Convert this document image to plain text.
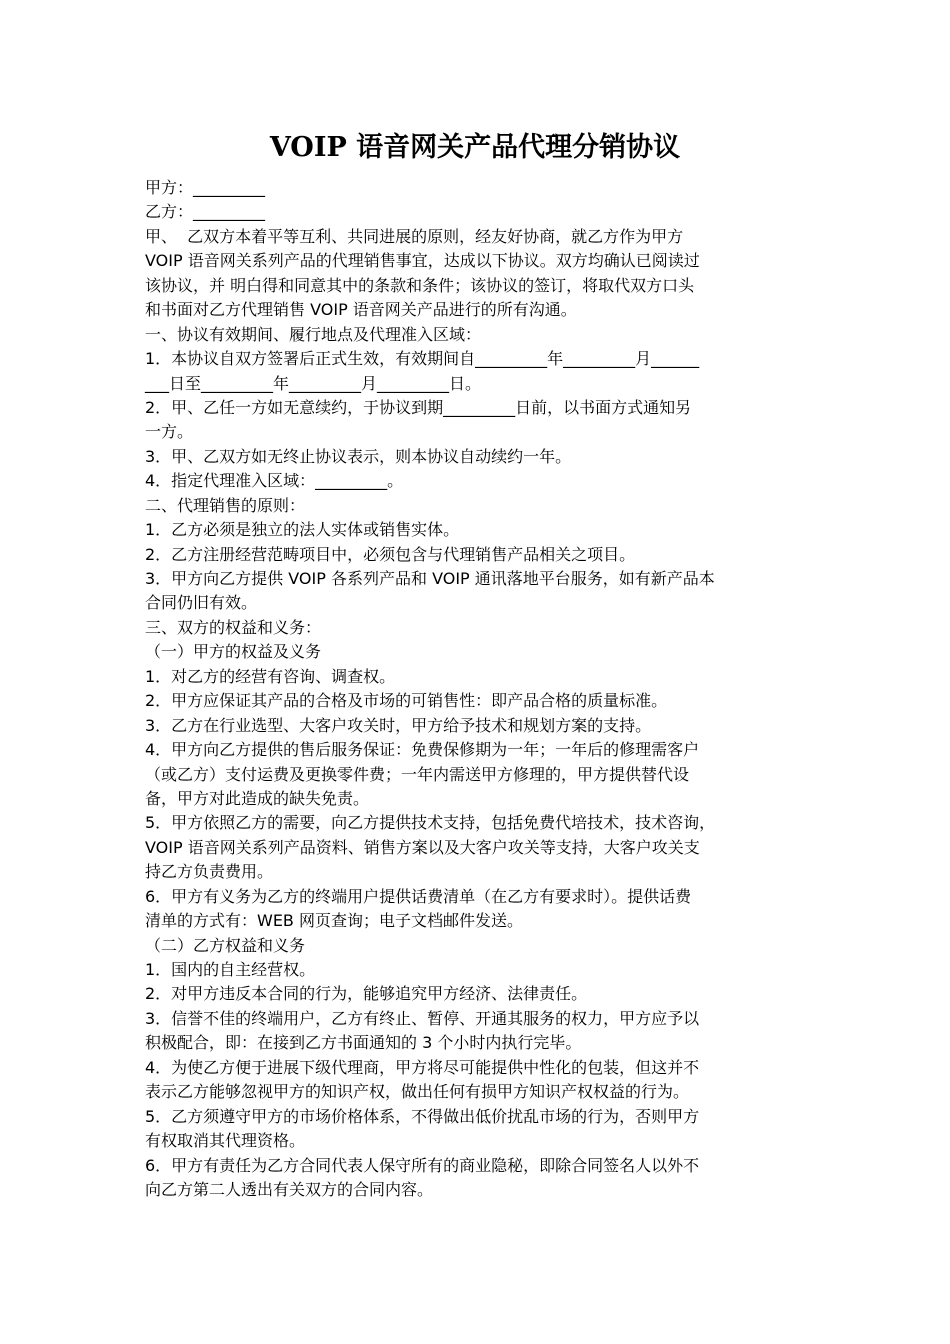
VOIP 语音网关产品代理分销协议
甲方：_________
乙方：_________
甲、  乙双方本着平等互利、共同进展的原则，经友好协商，就乙方作为甲方
VOIP 语音网关系列产品的代理销售事宜，达成以下协议。双方均确认已阅读过
该协议，并 明白得和同意其中的条款和条件；该协议的签订，将取代双方口头
和书面对乙方代理销售 VOIP 语音网关产品进行的所有沟通。
一、协议有效期间、履行地点及代理准入区域：
1．本协议自双方签署后正式生效，有效期间自_________年_________月______
___日至_________年_________月_________日。
2．甲、乙任一方如无意续约，于协议到期_________日前，以书面方式通知另
一方。
3．甲、乙双方如无终止协议表示，则本协议自动续约一年。
4．指定代理准入区域：_________。
二、代理销售的原则：
1．乙方必须是独立的法人实体或销售实体。
2．乙方注册经营范畴项目中，必须包含与代理销售产品相关之项目。
3．甲方向乙方提供 VOIP 各系列产品和 VOIP 通讯落地平台服务，如有新产品本
合同仍旧有效。
三、双方的权益和义务：
（一）甲方的权益及义务
1．对乙方的经营有咨询、调查权。
2．甲方应保证其产品的合格及市场的可销售性：即产品合格的质量标准。
3．乙方在行业选型、大客户攻关时，甲方给予技术和规划方案的支持。
4．甲方向乙方提供的售后服务保证：免费保修期为一年；一年后的修理需客户
（或乙方）支付运费及更换零件费；一年内需送甲方修理的，甲方提供替代设
备，甲方对此造成的缺失免责。
5．甲方依照乙方的需要，向乙方提供技术支持，包括免费代培技术，技术咨询，
VOIP 语音网关系列产品资料、销售方案以及大客户攻关等支持，大客户攻关支
持乙方负责费用。
6．甲方有义务为乙方的终端用户提供话费清单（在乙方有要求时）。提供话费
清单的方式有：WEB 网页查询；电子文档邮件发送。
（二）乙方权益和义务
1．国内的自主经营权。
2．对甲方违反本合同的行为，能够追究甲方经济、法律责任。
3．信誉不佳的终端用户，乙方有终止、暂停、开通其服务的权力，甲方应予以
积极配合，即：在接到乙方书面通知的 3 个小时内执行完毕。
4．为使乙方便于进展下级代理商，甲方将尽可能提供中性化的包装，但这并不
表示乙方能够忽视甲方的知识产权，做出任何有损甲方知识产权权益的行为。
5．乙方须遵守甲方的市场价格体系，不得做出低价扰乱市场的行为，否则甲方
有权取消其代理资格。
6．甲方有责任为乙方合同代表人保守所有的商业隐秘，即除合同签名人以外不
向乙方第二人透出有关双方的合同内容。
